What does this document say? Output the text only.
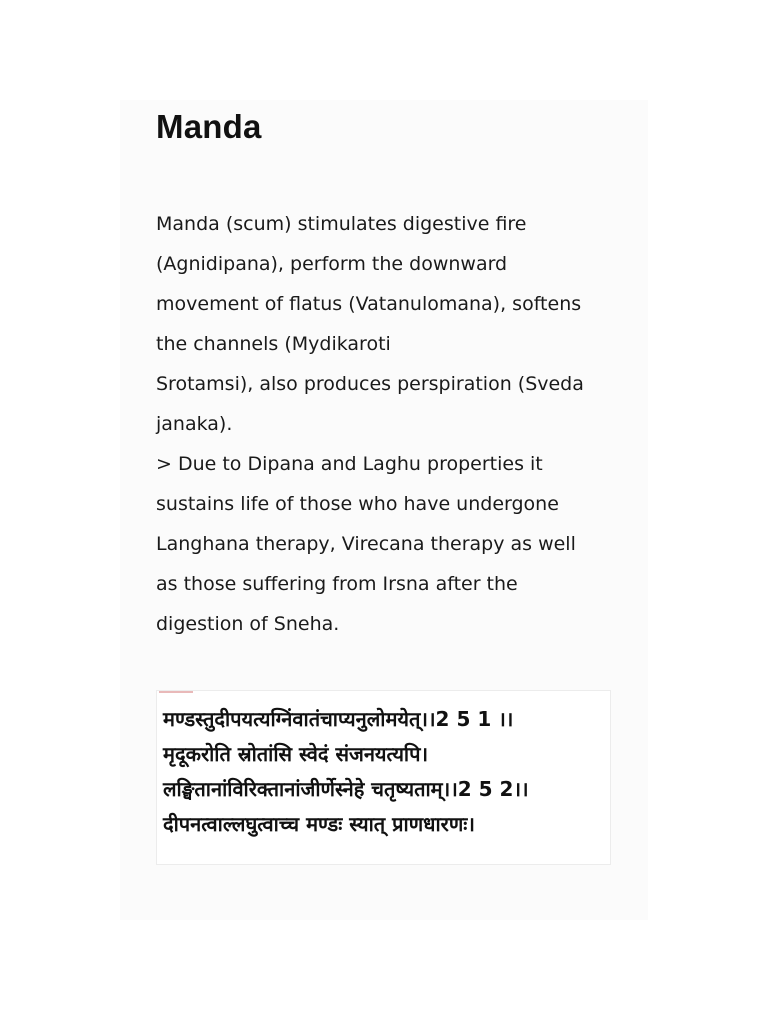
Manda
Manda (scum) stimulates digestive fire
(Agnidipana), perform the downward
movement of flatus (Vatanulomana), softens
the channels (Mydikaroti
Srotamsi), also produces perspiration (Sveda
janaka).
> Due to Dipana and Laghu properties it
sustains life of those who have undergone
Langhana therapy, Virecana therapy as well
as those suffering from Irsna after the
digestion of Sneha.
मण्डस्तुदीपयत्यग्निंवातंचाप्यनुलोमयेत्।।2 5 1 ।।
मृदूकरोति स्रोतांसि स्वेदं संजनयत्यपि।
लङ्घितानांविरिक्तानांजीर्णेस्नेहे चतृष्यताम्।।2 5 2।।
दीपनत्वाल्लघुत्वाच्च मण्डः स्यात् प्राणधारणः।
